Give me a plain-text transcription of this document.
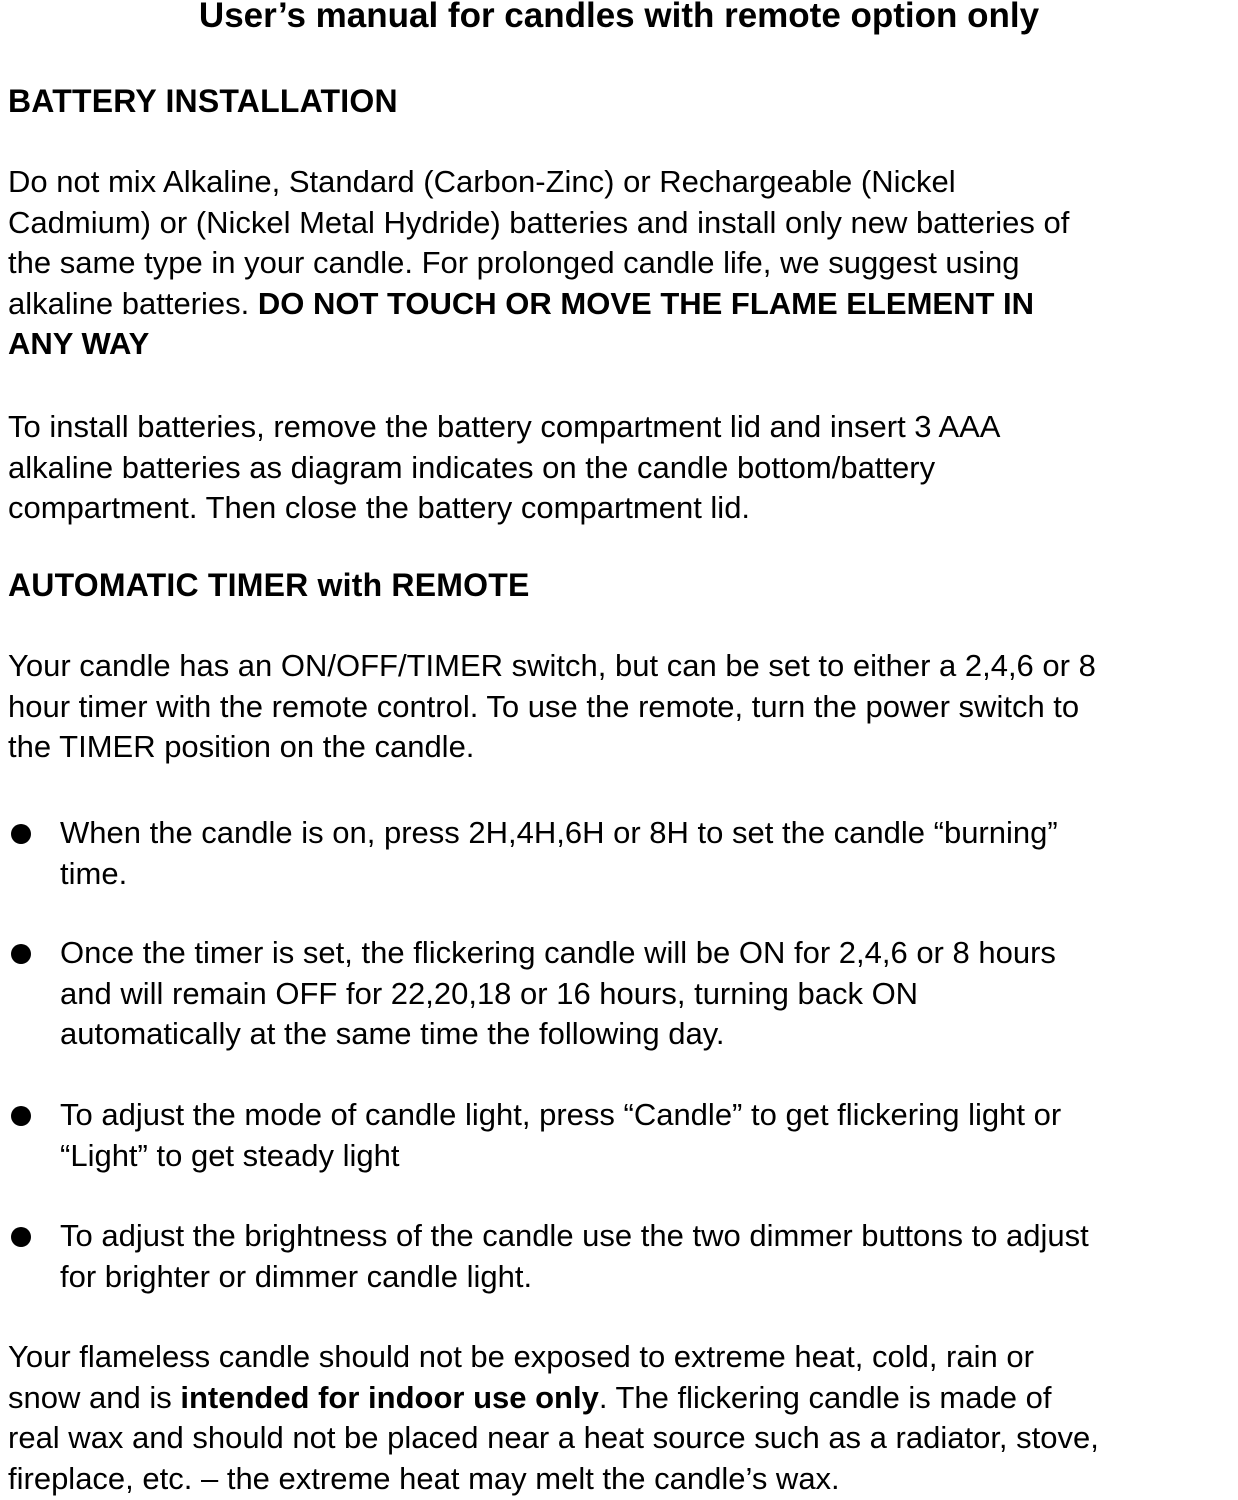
User’s manual for candles with remote option only
BATTERY INSTALLATION

Do not mix Alkaline, Standard (Carbon-Zinc) or Rechargeable (Nickel
Cadmium) or (Nickel Metal Hydride) batteries and install only new batteries of
the same type in your candle. For prolonged candle life, we suggest using
alkaline batteries. DO NOT TOUCH OR MOVE THE FLAME ELEMENT IN
ANY WAY

To install batteries, remove the battery compartment lid and insert 3 AAA
alkaline batteries as diagram indicates on the candle bottom/battery
compartment. Then close the battery compartment lid.

AUTOMATIC TIMER with REMOTE

Your candle has an ON/OFF/TIMER switch, but can be set to either a 2,4,6 or 8
hour timer with the remote control. To use the remote, turn the power switch to
the TIMER position on the candle.

When the candle is on, press 2H,4H,6H or 8H to set the candle “burning”
time.
Once the timer is set, the flickering candle will be ON for 2,4,6 or 8 hours
and will remain OFF for 22,20,18 or 16 hours, turning back ON
automatically at the same time the following day.
To adjust the mode of candle light, press “Candle” to get flickering light or
“Light” to get steady light
To adjust the brightness of the candle use the two dimmer buttons to adjust
for brighter or dimmer candle light.

Your flameless candle should not be exposed to extreme heat, cold, rain or
snow and is intended for indoor use only. The flickering candle is made of
real wax and should not be placed near a heat source such as a radiator, stove,
fireplace, etc. – the extreme heat may melt the candle’s wax.
